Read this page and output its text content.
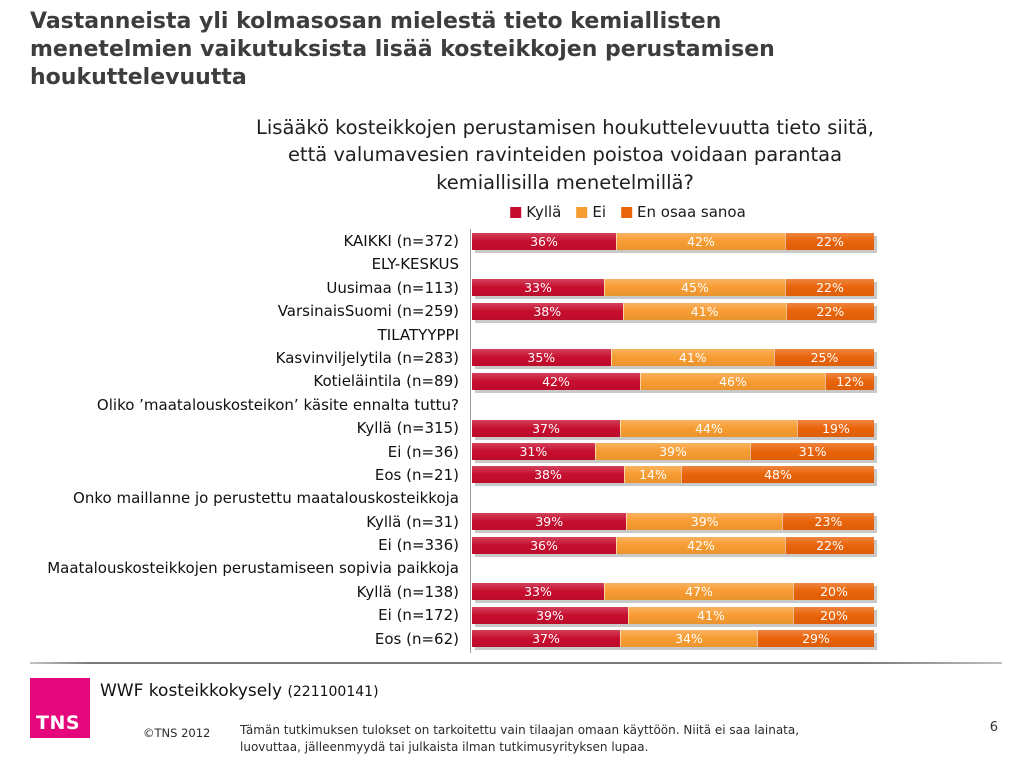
Vastanneista yli kolmasosan mielestä tieto kemiallisten
menetelmien vaikutuksista lisää kosteikkojen perustamisen
houkuttelevuutta
Lisääkö kosteikkojen perustamisen houkuttelevuutta tieto siitä,
että valumavesien ravinteiden poistoa voidaan parantaa
kemiallisilla menetelmillä?
Kyllä Ei En osaa sanoa
KAIKKI (n=372)	36%	42%	22%
ELY-KESKUS
Uusimaa (n=113)	33%	45%	22%
VarsinaisSuomi (n=259)	38%	41%	22%
TILATYYPPI
Kasvinviljelytila (n=283)	35%	41%	25%
Kotieläintila (n=89)	42%	46%	12%
Oliko ’maatalouskosteikon’ käsite ennalta tuttu?
Kyllä (n=315)	37%	44%	19%
Ei (n=36)	31%	39%	31%
Eos (n=21)	38%	14%	48%
Onko maillanne jo perustettu maatalouskosteikkoja
Kyllä (n=31)	39%	39%	23%
Ei (n=336)	36%	42%	22%
Maatalouskosteikkojen perustamiseen sopivia paikkoja
Kyllä (n=138)	33%	47%	20%
Ei (n=172)	39%	41%	20%
Eos (n=62)	37%	34%	29%
TNS
WWF kosteikkokysely (221100141)
©TNS 2012 Tämän tutkimuksen tulokset on tarkoitettu vain tilaajan omaan käyttöön. Niitä ei saa lainata, luovuttaa, jälleenmyydä tai julkaista ilman tutkimusyrityksen lupaa.
6
